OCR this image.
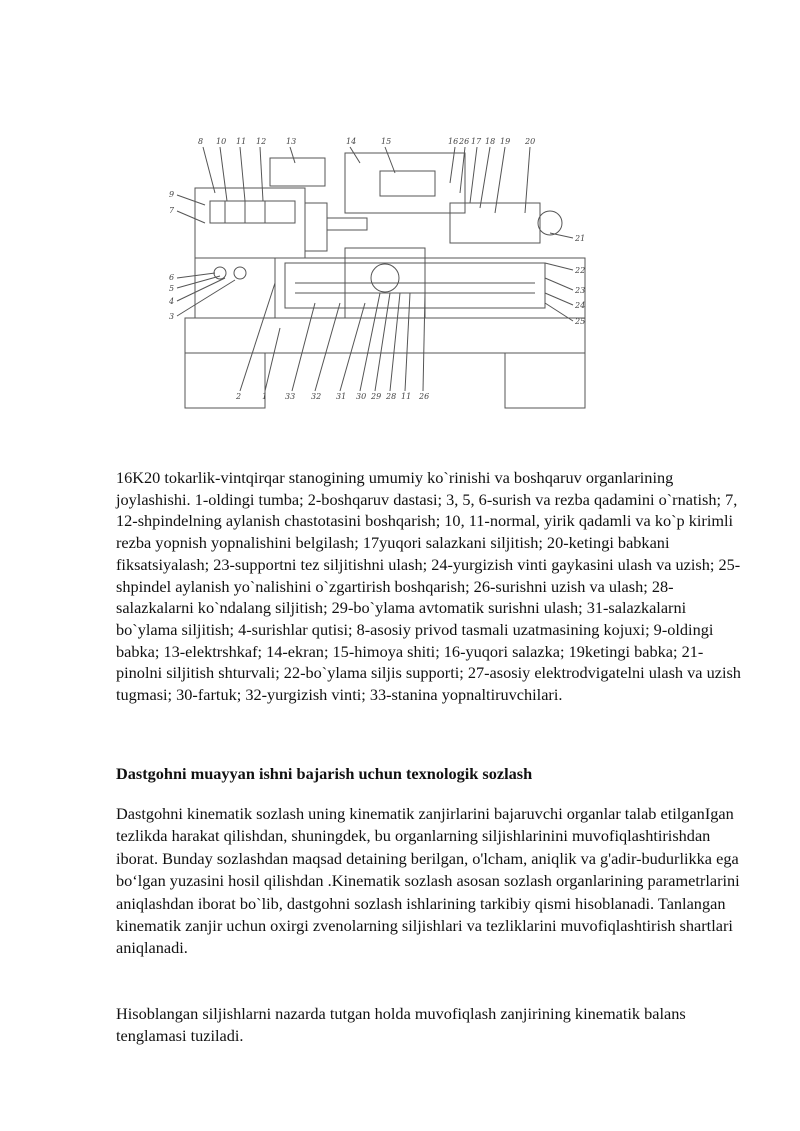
8 10 11 12 13	14	15	16 26 17 18 19 20
9
7
6
5
4
3
21
22
23
24
25
2	1 33 32 31 30 29 28 11 26

16K20 tokarlik-vintqirqar stanogining umumiy ko`rinishi va boshqaruv organlarining joylashishi. 1-oldingi tumba; 2-boshqaruv dastasi; 3, 5, 6-surish va rezba qadamini o`rnatish; 7, 12-shpindelning aylanish chastotasini boshqarish; 10, 11-normal, yirik qadamli va ko`p kirimli rezba yopnish yopnalishini belgilash; 17yuqori salazkani siljitish; 20-ketingi babkani fiksatsiyalash; 23-supportni tez siljitishni ulash; 24-yurgizish vinti gaykasini ulash va uzish; 25-shpindel aylanish yo`nalishini o`zgartirish boshqarish; 26-surishni uzish va ulash; 28-salazkalarni ko`ndalang siljitish; 29-bo`ylama avtomatik surishni ulash; 31-salazkalarni bo`ylama siljitish; 4-surishlar qutisi; 8-asosiy privod tasmali uzatmasining kojuxi; 9-oldingi babka; 13-elektrshkaf; 14-ekran; 15-himoya shiti; 16-yuqori salazka; 19ketingi babka; 21-pinolni siljitish shturvali; 22-bo`ylama siljis supporti; 27-asosiy elektrodvigatelni ulash va uzish tugmasi; 30-fartuk; 32-yurgizish vinti; 33-stanina yopnaltiruvchilari.

Dastgohni muayyan ishni bajarish uchun texnologik sozlash

Dastgohni kinematik sozlash uning kinematik zanjirlarini bajaruvchi organlar talab etilganIgan tezlikda harakat qilishdan, shuningdek, bu organlarning siljishlarinini muvofiqlashtirishdan iborat. Bunday sozlashdan maqsad detaining berilgan, o'lcham, aniqlik va g'adir-budurlikka ega bo‘lgan yuzasini hosil qilishdan .Kinematik sozlash asosan sozlash organlarining parametrlarini aniqlashdan iborat bo`lib, dastgohni sozlash ishlarining tarkibiy qismi hisoblanadi. Tanlangan kinematik zanjir uchun oxirgi zvenolarning siljishlari va tezliklarini muvofiqlashtirish shartlari aniqlanadi.

Hisoblangan siljishlarni nazarda tutgan holda muvofiqlash zanjirining kinematik balans tenglamasi tuziladi.
